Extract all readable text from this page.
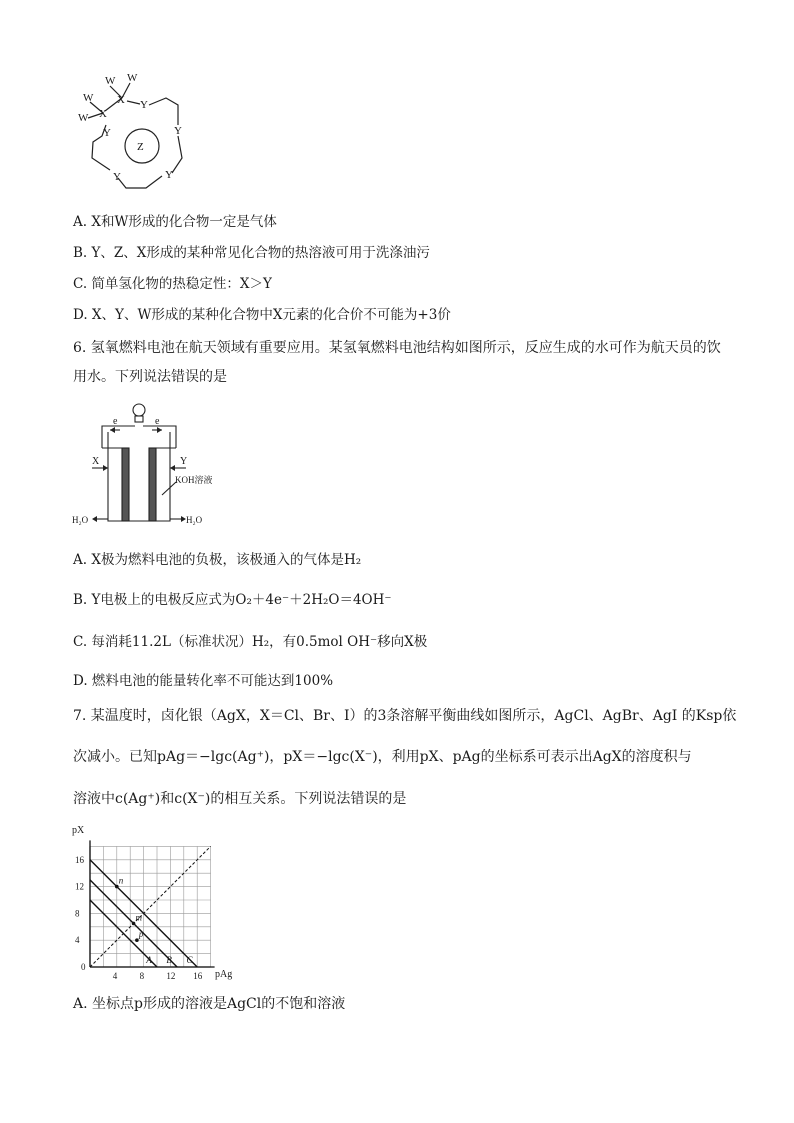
W W
W
W
X
X
Y
Y
Y
Y
Y
Z
A. X和W形成的化合物一定是气体
B. Y、Z、X形成的某种常见化合物的热溶液可用于洗涤油污
C. 简单氢化物的热稳定性：X＞Y
D. X、Y、W形成的某种化合物中X元素的化合价不可能为+3价
6. 氢氧燃料电池在航天领域有重要应用。某氢氧燃料电池结构如图所示，反应生成的水可作为航天员的饮
用水。下列说法错误的是
e	e
X	Y
KOH溶液
H₂O	H₂O
A. X极为燃料电池的负极，该极通入的气体是H₂
B. Y电极上的电极反应式为O₂＋4e⁻＋2H₂O＝4OH⁻
C. 每消耗11.2L（标准状况）H₂，有0.5mol OH⁻移向X极
D. 燃料电池的能量转化率不可能达到100%
7. 某温度时，卤化银（AgX，X＝Cl、Br、I）的3条溶解平衡曲线如图所示，AgCl、AgBr、AgI 的Ksp依
次减小。已知pAg＝−lgc(Ag⁺)，pX＝−lgc(X⁻)，利用pX、pAg的坐标系可表示出AgX的溶度积与
溶液中c(Ag⁺)和c(X⁻)的相互关系。下列说法错误的是
A B C
0
4 8 12 16
4
8
12
16
n
m
p
pX
pAg
A. 坐标点p形成的溶液是AgCl的不饱和溶液
